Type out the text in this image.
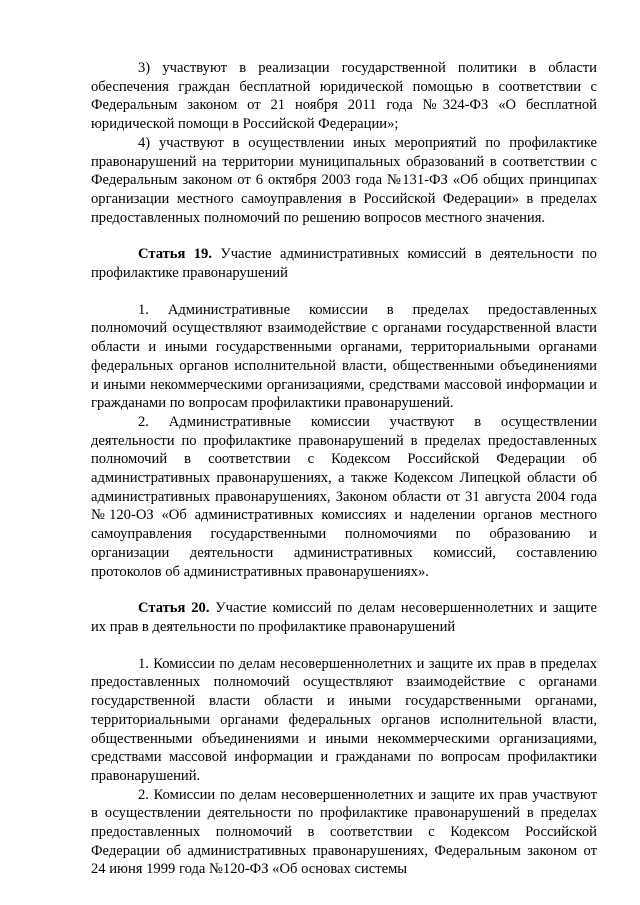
3) участвуют в реализации государственной политики в области обеспечения граждан бесплатной юридической помощью в соответствии с Федеральным законом от 21 ноября 2011 года №324-ФЗ «О бесплатной юридической помощи в Российской Федерации»;

4) участвуют в осуществлении иных мероприятий по профилактике правонарушений на территории муниципальных образований в соответствии с Федеральным законом от 6 октября 2003 года №131-ФЗ «Об общих принципах организации местного самоуправления в Российской Федерации» в пределах предоставленных полномочий по решению вопросов местного значения.

Статья 19. Участие административных комиссий в деятельности по профилактике правонарушений

1. Административные комиссии в пределах предоставленных полномочий осуществляют взаимодействие с органами государственной власти области и иными государственными органами, территориальными органами федеральных органов исполнительной власти, общественными объединениями и иными некоммерческими организациями, средствами массовой информации и гражданами по вопросам профилактики правонарушений.

2. Административные комиссии участвуют в осуществлении деятельности по профилактике правонарушений в пределах предоставленных полномочий в соответствии с Кодексом Российской Федерации об административных правонарушениях, а также Кодексом Липецкой области об административных правонарушениях, Законом области от 31 августа 2004 года №120-ОЗ «Об административных комиссиях и наделении органов местного самоуправления государственными полномочиями по образованию и организации деятельности административных комиссий, составлению протоколов об административных правонарушениях».

Статья 20. Участие комиссий по делам несовершеннолетних и защите их прав в деятельности по профилактике правонарушений

1. Комиссии по делам несовершеннолетних и защите их прав в пределах предоставленных полномочий осуществляют взаимодействие с органами государственной власти области и иными государственными органами, территориальными органами федеральных органов исполнительной власти, общественными объединениями и иными некоммерческими организациями, средствами массовой информации и гражданами по вопросам профилактики правонарушений.

2. Комиссии по делам несовершеннолетних и защите их прав участвуют в осуществлении деятельности по профилактике правонарушений в пределах предоставленных полномочий в соответствии с Кодексом Российской Федерации об административных правонарушениях, Федеральным законом от 24 июня 1999 года №120-ФЗ «Об основах системы
